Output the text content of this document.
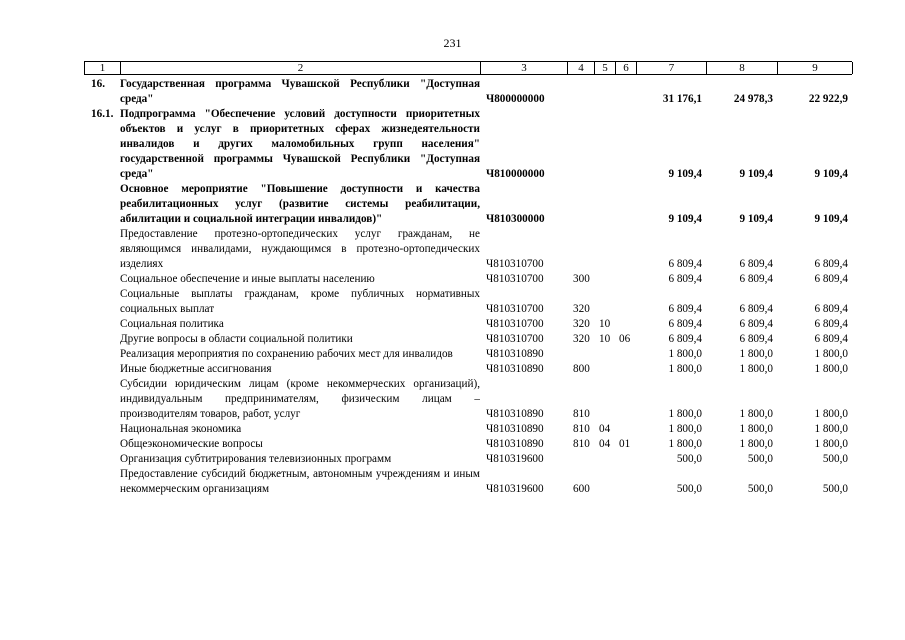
231
1	2	3	4	5	6	7	8	9
16.	Государственная программа Чувашской Республики "Доступная среда"	Ч800000000				31 176,1	24 978,3	22 922,9
16.1.	Подпрограмма "Обеспечение условий доступности приоритетных объектов и услуг в приоритетных сферах жизнедеятельности инвалидов и других маломобильных групп населения" государственной программы Чувашской Республики "Доступная среда"	Ч810000000				9 109,4	9 109,4	9 109,4
	Основное мероприятие "Повышение доступности и качества реабилитационных услуг (развитие системы реабилитации, абилитации и социальной интеграции инвалидов)"	Ч810300000				9 109,4	9 109,4	9 109,4
	Предоставление протезно-ортопедических услуг гражданам, не являющимся инвалидами, нуждающимся в протезно-ортопедических изделиях	Ч810310700				6 809,4	6 809,4	6 809,4
	Социальное обеспечение и иные выплаты населению	Ч810310700	300			6 809,4	6 809,4	6 809,4
	Социальные выплаты гражданам, кроме публичных нормативных социальных выплат	Ч810310700	320			6 809,4	6 809,4	6 809,4
	Социальная политика	Ч810310700	320	10		6 809,4	6 809,4	6 809,4
	Другие вопросы в области социальной политики	Ч810310700	320	10	06	6 809,4	6 809,4	6 809,4
	Реализация мероприятия по сохранению рабочих мест для инвалидов	Ч810310890				1 800,0	1 800,0	1 800,0
	Иные бюджетные ассигнования	Ч810310890	800			1 800,0	1 800,0	1 800,0
	Субсидии юридическим лицам (кроме некоммерческих организаций), индивидуальным предпринимателям, физическим лицам – производителям товаров, работ, услуг	Ч810310890	810			1 800,0	1 800,0	1 800,0
	Национальная экономика	Ч810310890	810	04		1 800,0	1 800,0	1 800,0
	Общеэкономические вопросы	Ч810310890	810	04	01	1 800,0	1 800,0	1 800,0
	Организация субтитрирования телевизионных программ	Ч810319600				500,0	500,0	500,0
	Предоставление субсидий бюджетным, автономным учреждениям и иным некоммерческим организациям	Ч810319600	600			500,0	500,0	500,0
